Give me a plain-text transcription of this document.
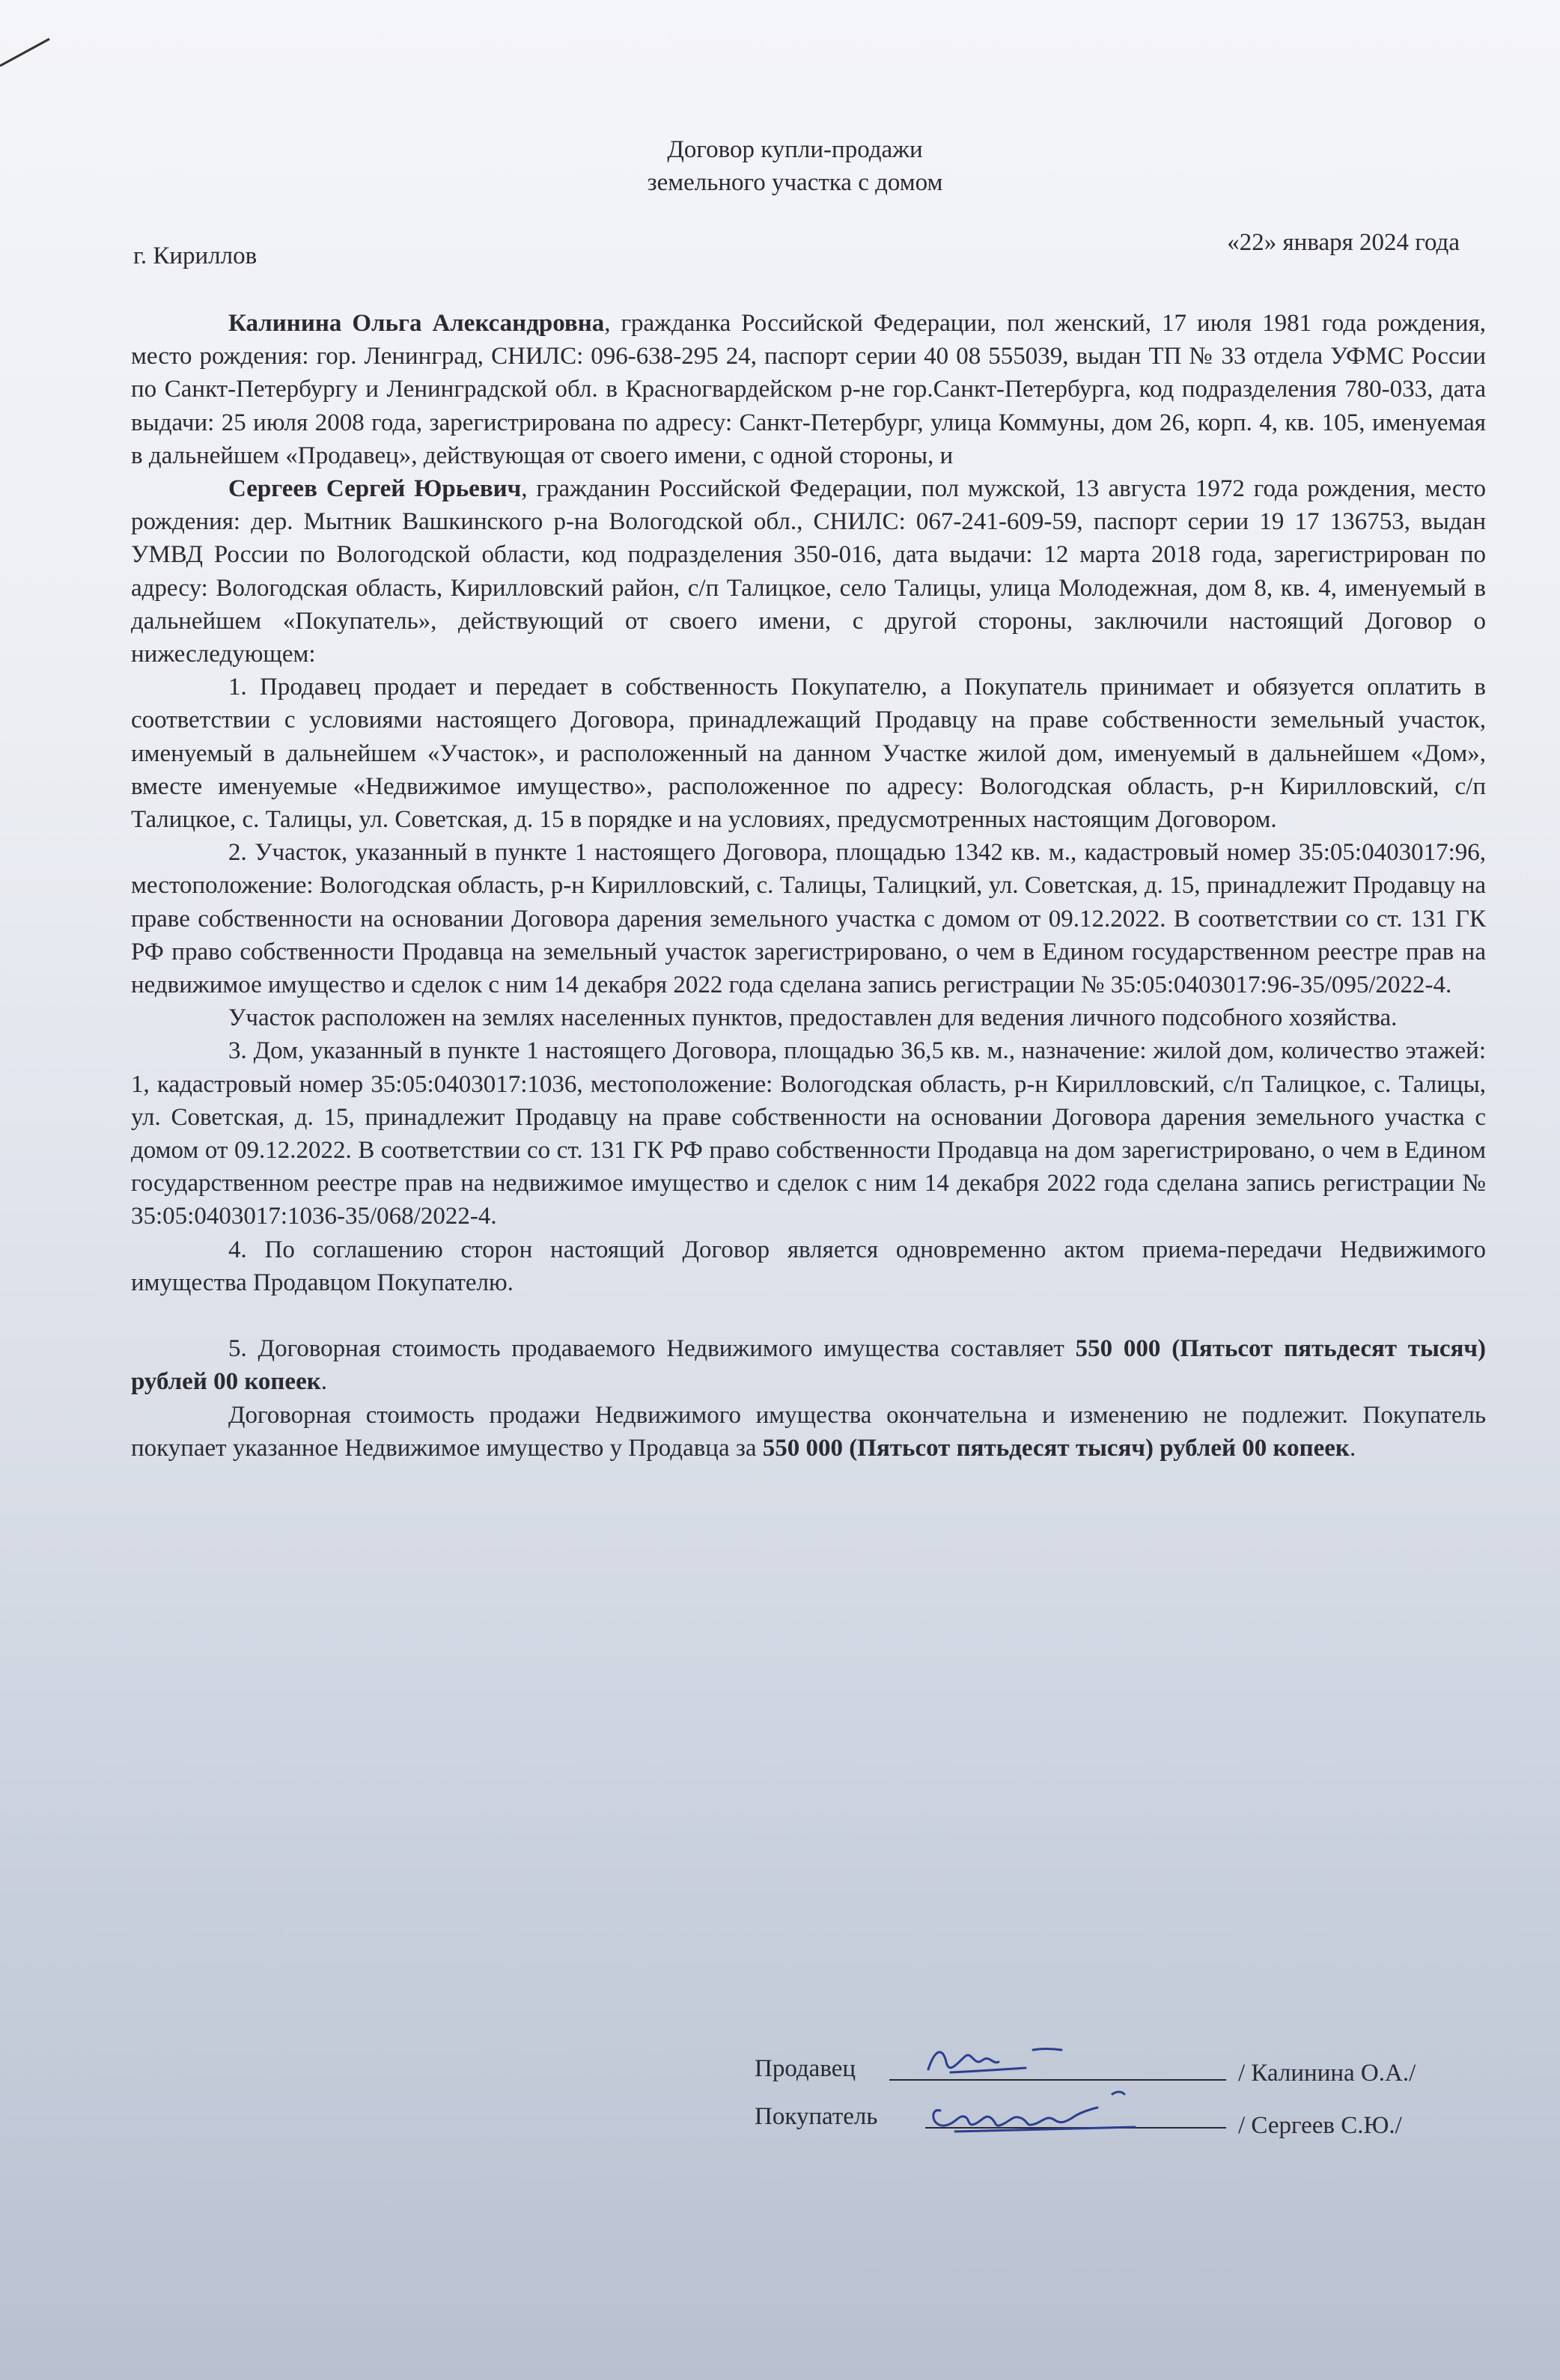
Договор купли-продажи
земельного участка с домом
г. Кириллов	«22» января 2024 года

Калинина Ольга Александровна, гражданка Российской Федерации, пол женский, 17 июля 1981 года рождения, место рождения: гор. Ленинград, СНИЛС: 096-638-295 24, паспорт серии 40 08 555039, выдан ТП № 33 отдела УФМС России по Санкт-Петербургу и Ленинградской обл. в Красногвардейском р-не гор.Санкт-Петербурга, код подразделения 780-033, дата выдачи: 25 июля 2008 года, зарегистрирована по адресу: Санкт-Петербург, улица Коммуны, дом 26, корп. 4, кв. 105, именуемая в дальнейшем «Продавец», действующая от своего имени, с одной стороны, и

Сергеев Сергей Юрьевич, гражданин Российской Федерации, пол мужской, 13 августа 1972 года рождения, место рождения: дер. Мытник Вашкинского р-на Вологодской обл., СНИЛС: 067-241-609-59, паспорт серии 19 17 136753, выдан УМВД России по Вологодской области, код подразделения 350-016, дата выдачи: 12 марта 2018 года, зарегистрирован по адресу: Вологодская область, Кирилловский район, с/п Талицкое, село Талицы, улица Молодежная, дом 8, кв. 4, именуемый в дальнейшем «Покупатель», действующий от своего имени, с другой стороны, заключили настоящий Договор о нижеследующем:

1. Продавец продает и передает в собственность Покупателю, а Покупатель принимает и обязуется оплатить в соответствии с условиями настоящего Договора, принадлежащий Продавцу на праве собственности земельный участок, именуемый в дальнейшем «Участок», и расположенный на данном Участке жилой дом, именуемый в дальнейшем «Дом», вместе именуемые «Недвижимое имущество», расположенное по адресу: Вологодская область, р-н Кирилловский, с/п Талицкое, с. Талицы, ул. Советская, д. 15 в порядке и на условиях, предусмотренных настоящим Договором.

2. Участок, указанный в пункте 1 настоящего Договора, площадью 1342 кв. м., кадастровый номер 35:05:0403017:96, местоположение: Вологодская область, р-н Кирилловский, с. Талицы, Талицкий, ул. Советская, д. 15, принадлежит Продавцу на праве собственности на основании Договора дарения земельного участка с домом от 09.12.2022. В соответствии со ст. 131 ГК РФ право собственности Продавца на земельный участок зарегистрировано, о чем в Едином государственном реестре прав на недвижимое имущество и сделок с ним 14 декабря 2022 года сделана запись регистрации № 35:05:0403017:96-35/095/2022-4.

Участок расположен на землях населенных пунктов, предоставлен для ведения личного подсобного хозяйства.

3. Дом, указанный в пункте 1 настоящего Договора, площадью 36,5 кв. м., назначение: жилой дом, количество этажей: 1, кадастровый номер 35:05:0403017:1036, местоположение: Вологодская область, р-н Кирилловский, с/п Талицкое, с. Талицы, ул. Советская, д. 15, принадлежит Продавцу на праве собственности на основании Договора дарения земельного участка с домом от 09.12.2022. В соответствии со ст. 131 ГК РФ право собственности Продавца на дом зарегистрировано, о чем в Едином государственном реестре прав на недвижимое имущество и сделок с ним 14 декабря 2022 года сделана запись регистрации № 35:05:0403017:1036-35/068/2022-4.

4. По соглашению сторон настоящий Договор является одновременно актом приема-передачи Недвижимого имущества Продавцом Покупателю.

5. Договорная стоимость продаваемого Недвижимого имущества составляет 550 000 (Пятьсот пятьдесят тысяч) рублей 00 копеек.

Договорная стоимость продажи Недвижимого имущества окончательна и изменению не подлежит. Покупатель покупает указанное Недвижимое имущество у Продавца за 550 000 (Пятьсот пятьдесят тысяч) рублей 00 копеек.

Продавец	/ Калинина О.А./
Покупатель	/ Сергеев С.Ю./
